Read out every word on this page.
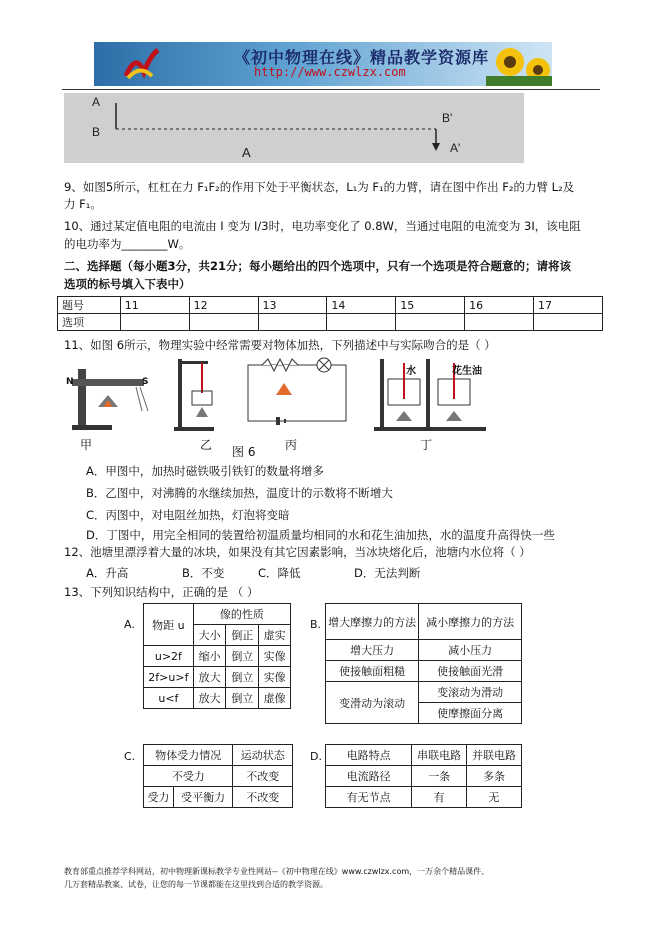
《初中物理在线》精品教学资源库
http://www.czwlzx.com
A
B
B'
A'
A
9、如图5所示，杠杠在力 F₁F₂的作用下处于平衡状态，L₁为 F₁的力臂，请在图中作出 F₂的力臂 L₂及
力 F₁。
10、通过某定值电阻的电流由 I 变为 I/3时，电功率变化了 0.8W，当通过电阻的电流变为 3I，该电阻
的电功率为________W。
二、选择题（每小题3分，共21分；每小题给出的四个选项中，只有一个选项是符合题意的；请将该
选项的标号填入下表中）
题号	11	12	13	14	15	16	17
选项							
11、如图 6所示，物理实验中经常需要对物体加热，下列描述中与实际吻合的是（ ）
N	S
水	花生油
甲	乙 图 6 丙	丁
A．甲图中，加热时磁铁吸引铁钉的数量将增多
B．乙图中，对沸腾的水继续加热，温度计的示数将不断增大
C．丙图中，对电阻丝加热，灯泡将变暗
D．丁图中，用完全相同的装置给初温质量均相同的水和花生油加热，水的温度升高得快一些
12、池塘里漂浮着大量的冰块，如果没有其它因素影响，当冰块熔化后，池塘内水位将（ ）
A．升高	B．不变	C．降低	D．无法判断
13、下列知识结构中，正确的是 （ ）
A. 物距 u	像的性质		
	大小	倒正	虚实
u>2f	缩小	倒立	实像
2f>u>f	放大	倒立	实像
u<f	放大	倒立	虚像
B. 增大摩擦力的方法	减小摩擦力的方法
增大压力	减小压力
使接触面粗糙	使接触面光滑
变滑动为滚动	变滚动为滑动
	使摩擦面分离
C. 物体受力情况		运动状态
不受力		不改变
受力	受平衡力	不改变
D. 电路特点	串联电路	并联电路
电流路径	一条	多条
有无节点	有	无
教育部重点推荐学科网站，初中物理新课标教学专业性网站--《初中物理在线》www.czwlzx.com，一万余个精品课件、
几万套精品教案、试卷，让您的每一节课都能在这里找到合适的教学资源。
